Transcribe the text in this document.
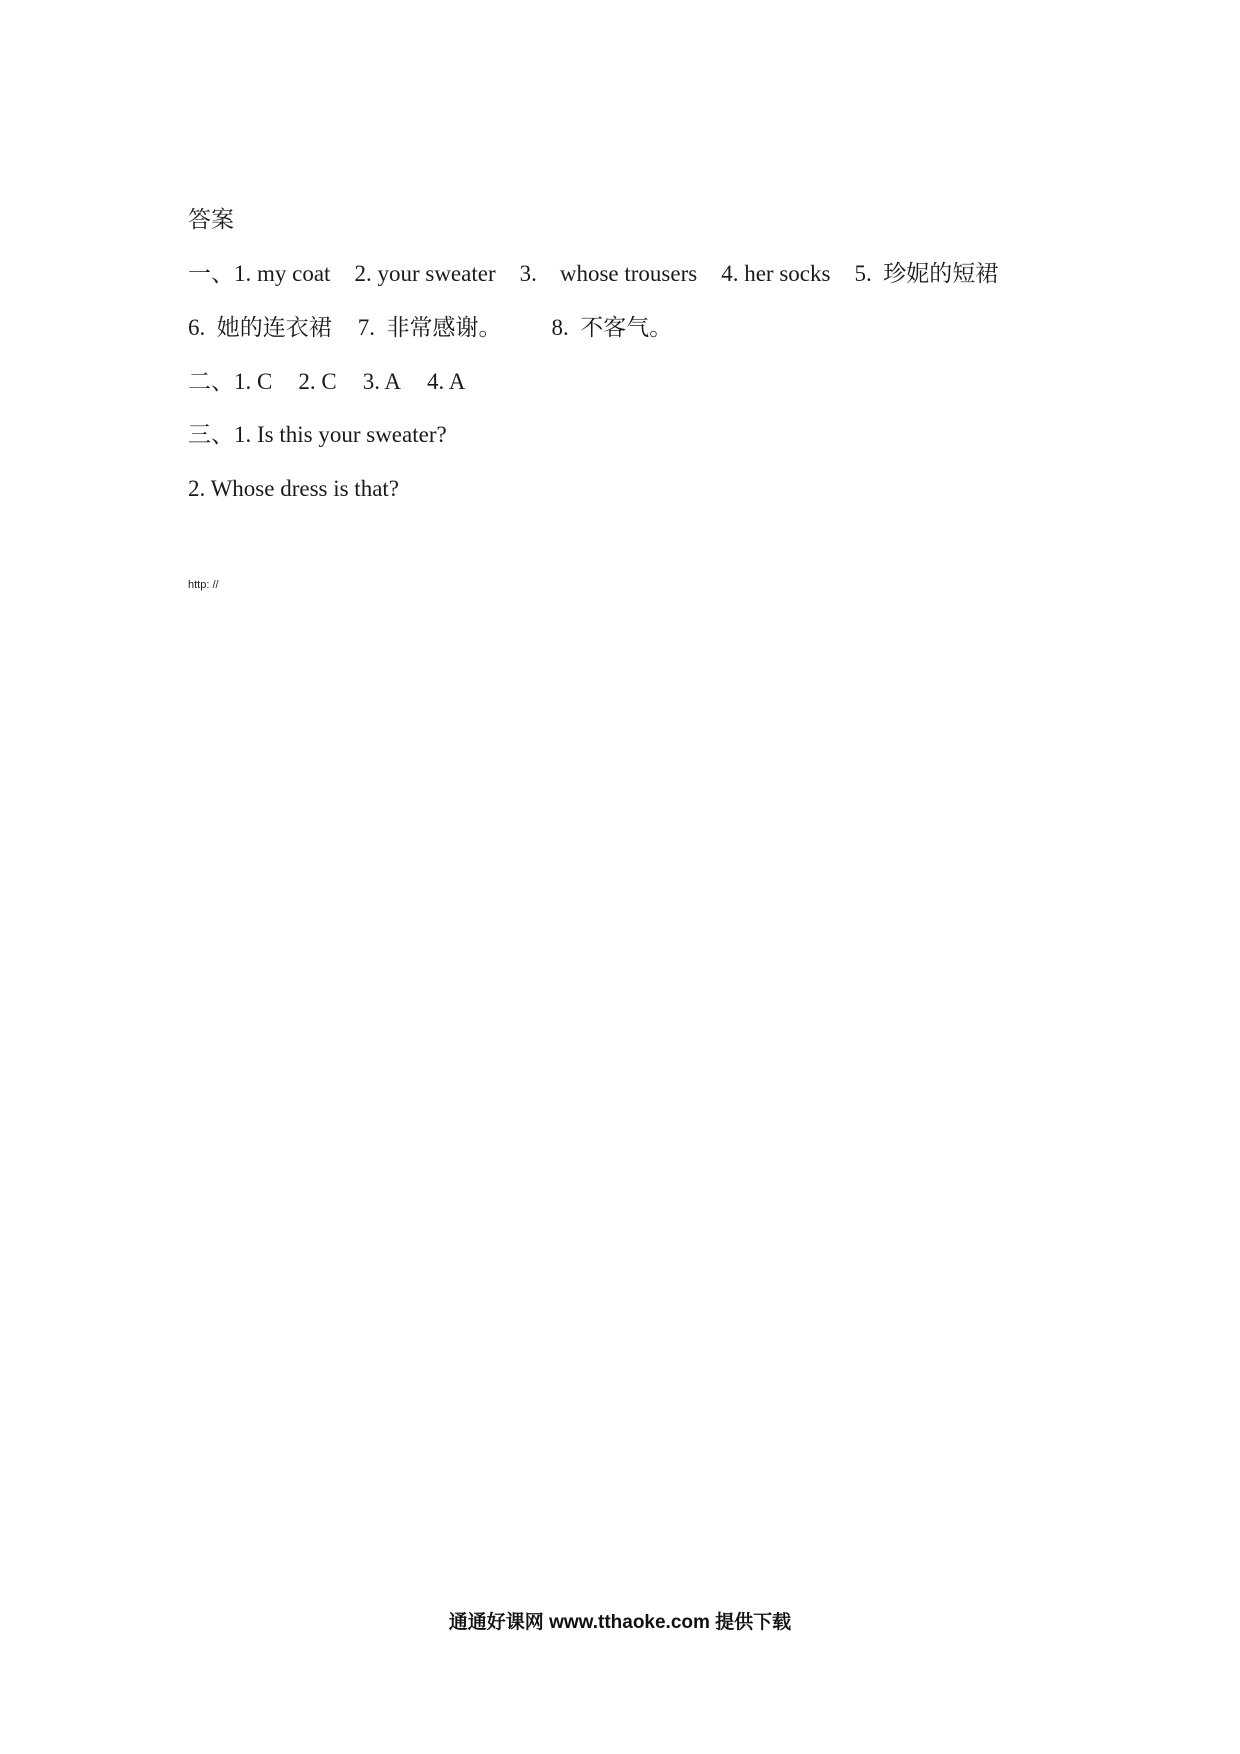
答案
一、1. my coat 2. your sweater 3.    whose trousers 4. her socks 5.  珍妮的短裙
6.  她的连衣裙 7.  非常感谢。 8.  不客气。
二、1. C 2. C 3. A 4. A
三、1. Is this your sweater?
2. Whose dress is that?
http: //
通通好课网 www.tthaoke.com 提供下载
